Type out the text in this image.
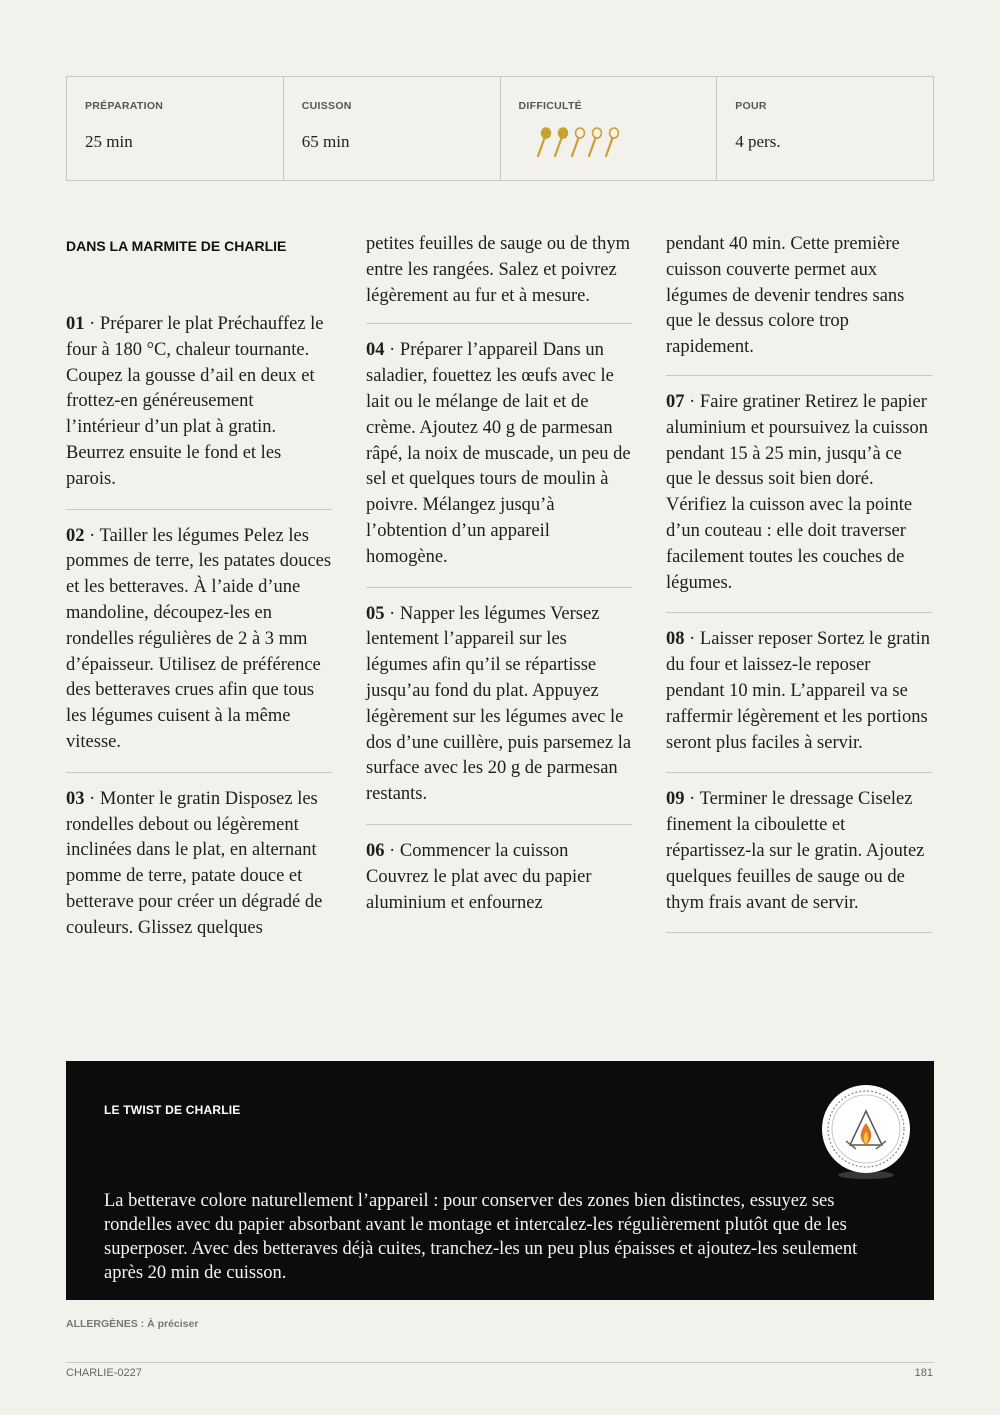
PRÉPARATION
25 min
CUISSON
65 min
DIFFICULTÉ	POUR
4 pers.
DANS LA MARMITE DE CHARLIE
01 · Préparer le plat Préchauffez le four à 180 °C, chaleur tournante. Coupez la gousse d’ail en deux et frottez-en généreusement l’intérieur d’un plat à gratin. Beurrez ensuite le fond et les parois.
02 · Tailler les légumes Pelez les pommes de terre, les patates douces et les betteraves. À l’aide d’une mandoline, découpez-les en rondelles régulières de 2 à 3 mm d’épaisseur. Utilisez de préférence des betteraves crues afin que tous les légumes cuisent à la même vitesse.
03 · Monter le gratin Disposez les rondelles debout ou légèrement inclinées dans le plat, en alternant pomme de terre, patate douce et betterave pour créer un dégradé de couleurs. Glissez quelques
petites feuilles de sauge ou de thym entre les rangées. Salez et poivrez légèrement au fur et à mesure.
04 · Préparer l’appareil Dans un saladier, fouettez les œufs avec le lait ou le mélange de lait et de crème. Ajoutez 40 g de parmesan râpé, la noix de muscade, un peu de sel et quelques tours de moulin à poivre. Mélangez jusqu’à l’obtention d’un appareil homogène.
05 · Napper les légumes Versez lentement l’appareil sur les légumes afin qu’il se répartisse jusqu’au fond du plat. Appuyez légèrement sur les légumes avec le dos d’une cuillère, puis parsemez la surface avec les 20 g de parmesan restants.
06 · Commencer la cuisson Couvrez le plat avec du papier aluminium et enfournez
pendant 40 min. Cette première cuisson couverte permet aux légumes de devenir tendres sans que le dessus colore trop rapidement.
07 · Faire gratiner Retirez le papier aluminium et poursuivez la cuisson pendant 15 à 25 min, jusqu’à ce que le dessus soit bien doré. Vérifiez la cuisson avec la pointe d’un couteau : elle doit traverser facilement toutes les couches de légumes.
08 · Laisser reposer Sortez le gratin du four et laissez-le reposer pendant 10 min. L’appareil va se raffermir légèrement et les portions seront plus faciles à servir.
09 · Terminer le dressage Ciselez finement la ciboulette et répartissez-la sur le gratin. Ajoutez quelques feuilles de sauge ou de thym frais avant de servir.
LE TWIST DE CHARLIE
La betterave colore naturellement l’appareil : pour conserver des zones bien distinctes, essuyez ses rondelles avec du papier absorbant avant le montage et intercalez-les régulièrement plutôt que de les superposer. Avec des betteraves déjà cuites, tranchez-les un peu plus épaisses et ajoutez-les seulement après 20 min de cuisson.
ALLERGÈNES : À préciser
CHARLIE-0227	181
